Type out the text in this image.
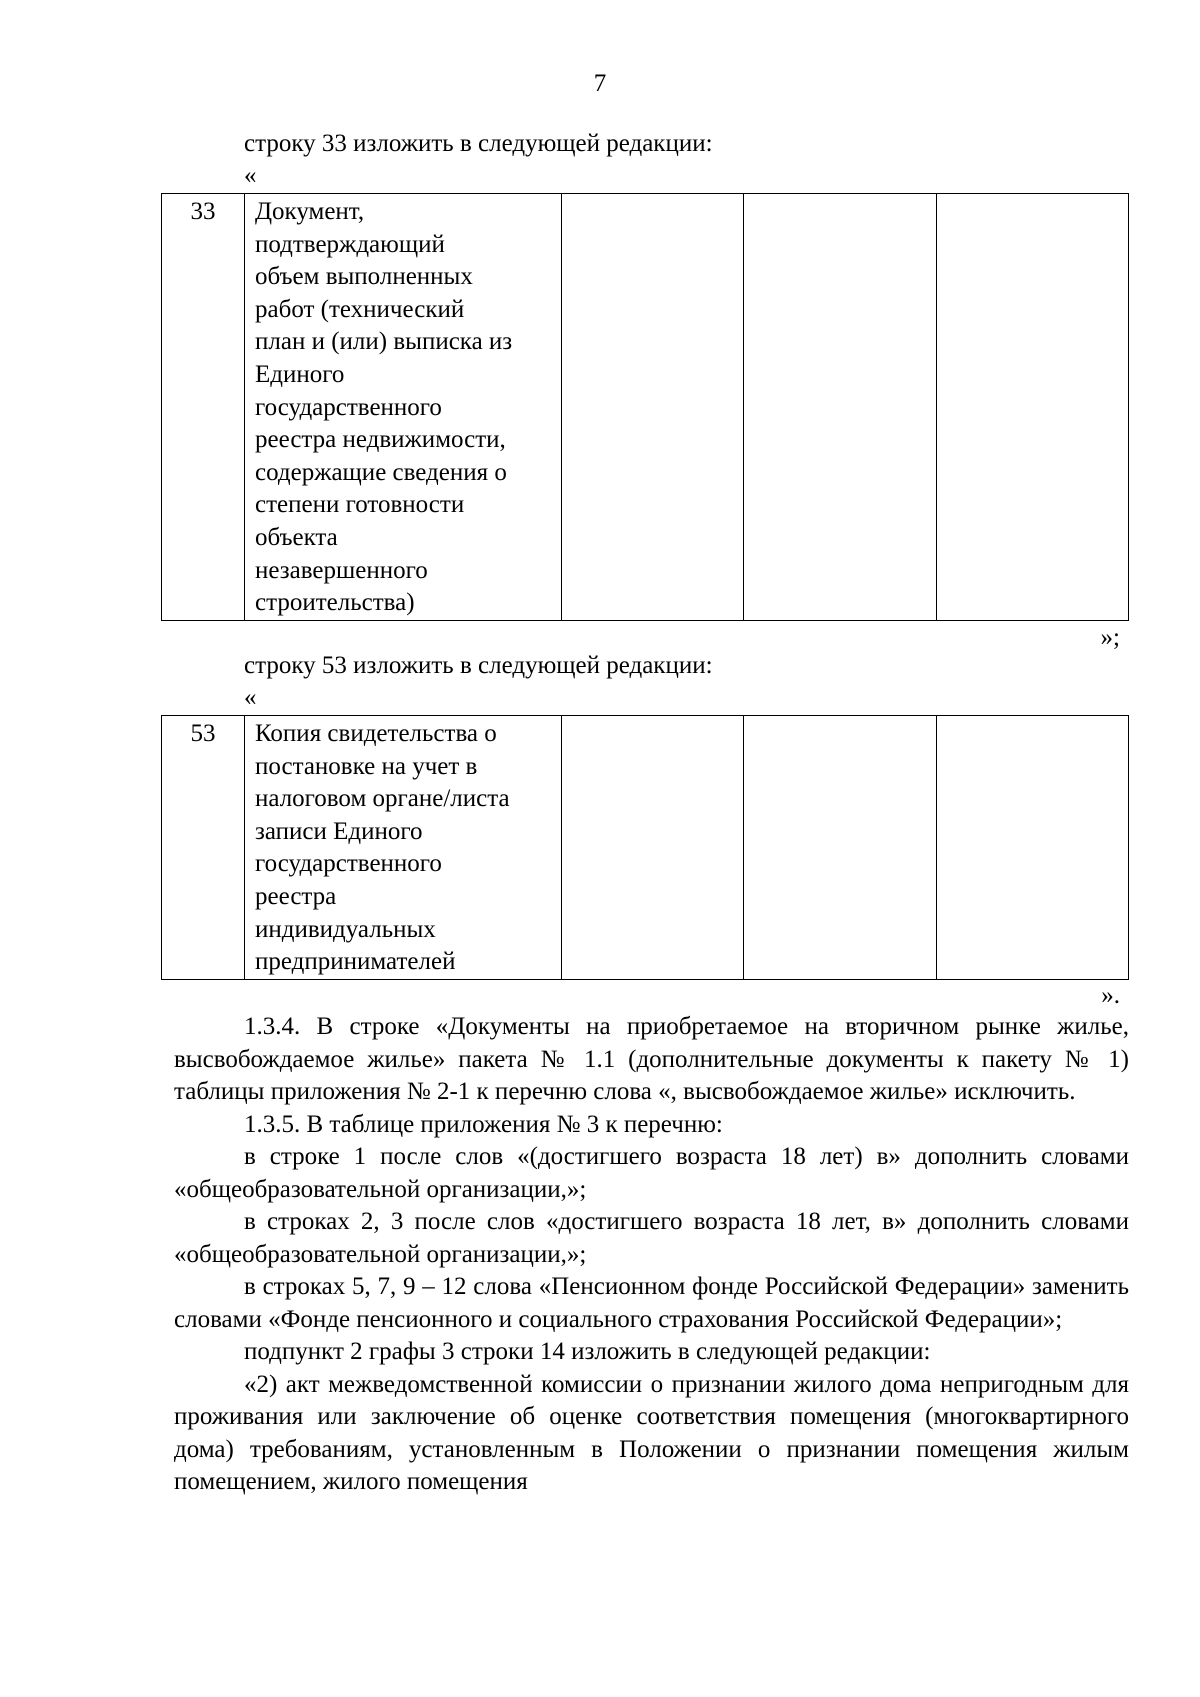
7

строку 33 изложить в следующей редакции:

«
33	Документ,
подтверждающий
объем выполненных
работ (технический
план и (или) выписка из
Единого
государственного
реестра недвижимости,
содержащие сведения о
степени готовности
объекта
незавершенного
строительства)			
»;

строку 53 изложить в следующей редакции:

«
53	Копия свидетельства о
постановке на учет в
налоговом органе/листа
записи Единого
государственного
реестра
индивидуальных
предпринимателей			
».

1.3.4. В строке «Документы на приобретаемое на вторичном рынке жилье, высвобождаемое жилье» пакета № 1.1 (дополнительные документы к пакету № 1) таблицы приложения № 2-1 к перечню слова «, высвобождаемое жилье» исключить.

1.3.5. В таблице приложения № 3 к перечню:

в строке 1 после слов «(достигшего возраста 18 лет) в» дополнить словами «общеобразовательной организации,»;

в строках 2, 3 после слов «достигшего возраста 18 лет, в» дополнить словами «общеобразовательной организации,»;

в строках 5, 7, 9 – 12 слова «Пенсионном фонде Российской Федерации» заменить словами «Фонде пенсионного и социального страхования Российской Федерации»;

подпункт 2 графы 3 строки 14 изложить в следующей редакции:

«2) акт межведомственной комиссии о признании жилого дома непригодным для проживания или заключение об оценке соответствия помещения (многоквартирного дома) требованиям, установленным в Положении о признании помещения жилым помещением, жилого помещения
